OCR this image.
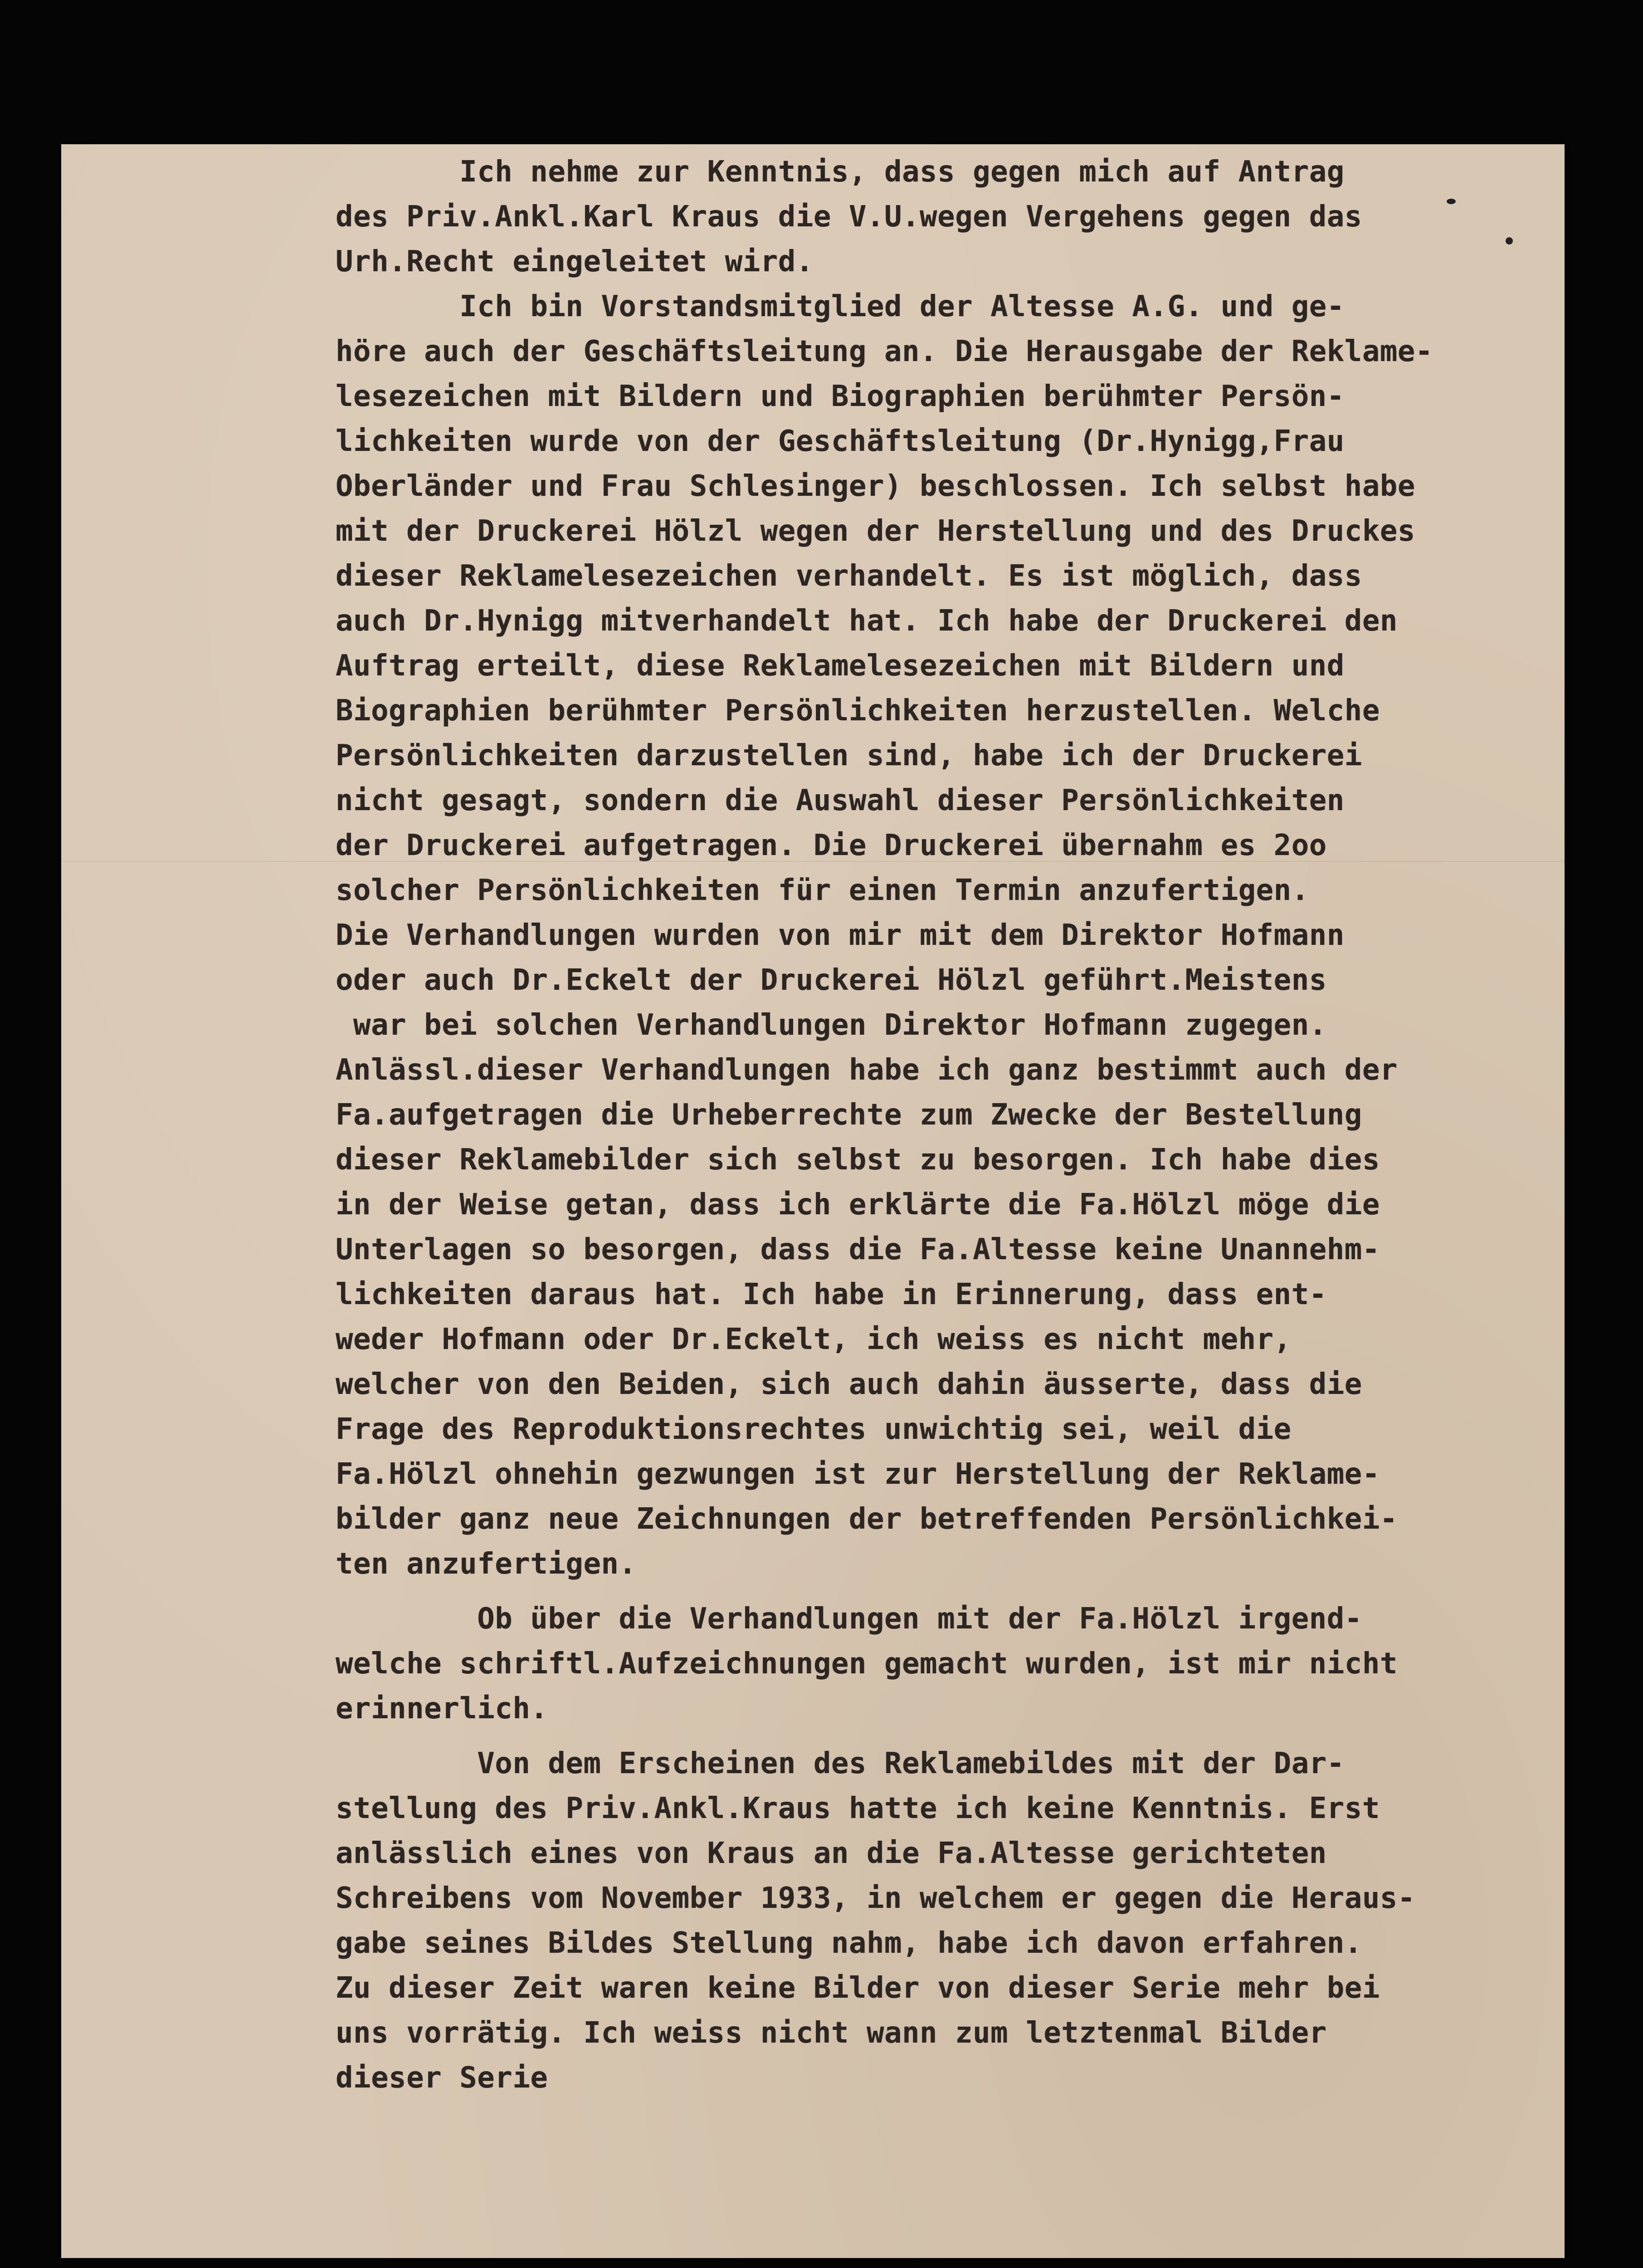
Ich nehme zur Kenntnis, dass gegen mich auf Antrag
des Priv.Ankl.Karl Kraus die V.U.wegen Vergehens gegen das
Urh.Recht eingeleitet wird.
Ich bin Vorstandsmitglied der Altesse A.G. und ge-
höre auch der Geschäftsleitung an. Die Herausgabe der Reklame-
lesezeichen mit Bildern und Biographien berühmter Persön-
lichkeiten wurde von der Geschäftsleitung (Dr.Hynigg,Frau
Oberländer und Frau Schlesinger) beschlossen. Ich selbst habe
mit der Druckerei Hölzl wegen der Herstellung und des Druckes
dieser Reklamelesezeichen verhandelt. Es ist möglich, dass
auch Dr.Hynigg mitverhandelt hat. Ich habe der Druckerei den
Auftrag erteilt, diese Reklamelesezeichen mit Bildern und
Biographien berühmter Persönlichkeiten herzustellen. Welche
Persönlichkeiten darzustellen sind, habe ich der Druckerei
nicht gesagt, sondern die Auswahl dieser Persönlichkeiten
der Druckerei aufgetragen. Die Druckerei übernahm es 2oo
solcher Persönlichkeiten für einen Termin anzufertigen.
Die Verhandlungen wurden von mir mit dem Direktor Hofmann
oder auch Dr.Eckelt der Druckerei Hölzl geführt.Meistens
war bei solchen Verhandlungen Direktor Hofmann zugegen.
Anlässl.dieser Verhandlungen habe ich ganz bestimmt auch der
Fa.aufgetragen die Urheberrechte zum Zwecke der Bestellung
dieser Reklamebilder sich selbst zu besorgen. Ich habe dies
in der Weise getan, dass ich erklärte die Fa.Hölzl möge die
Unterlagen so besorgen, dass die Fa.Altesse keine Unannehm-
lichkeiten daraus hat. Ich habe in Erinnerung, dass ent-
weder Hofmann oder Dr.Eckelt, ich weiss es nicht mehr,
welcher von den Beiden, sich auch dahin äusserte, dass die
Frage des Reproduktionsrechtes unwichtig sei, weil die
Fa.Hölzl ohnehin gezwungen ist zur Herstellung der Reklame-
bilder ganz neue Zeichnungen der betreffenden Persönlichkei-
ten anzufertigen.
Ob über die Verhandlungen mit der Fa.Hölzl irgend-
welche schriftl.Aufzeichnungen gemacht wurden, ist mir nicht
erinnerlich.
Von dem Erscheinen des Reklamebildes mit der Dar-
stellung des Priv.Ankl.Kraus hatte ich keine Kenntnis. Erst
anlässlich eines von Kraus an die Fa.Altesse gerichteten
Schreibens vom November 1933, in welchem er gegen die Heraus-
gabe seines Bildes Stellung nahm, habe ich davon erfahren.
Zu dieser Zeit waren keine Bilder von dieser Serie mehr bei
uns vorrätig. Ich weiss nicht wann zum letztenmal Bilder
dieser Serie
